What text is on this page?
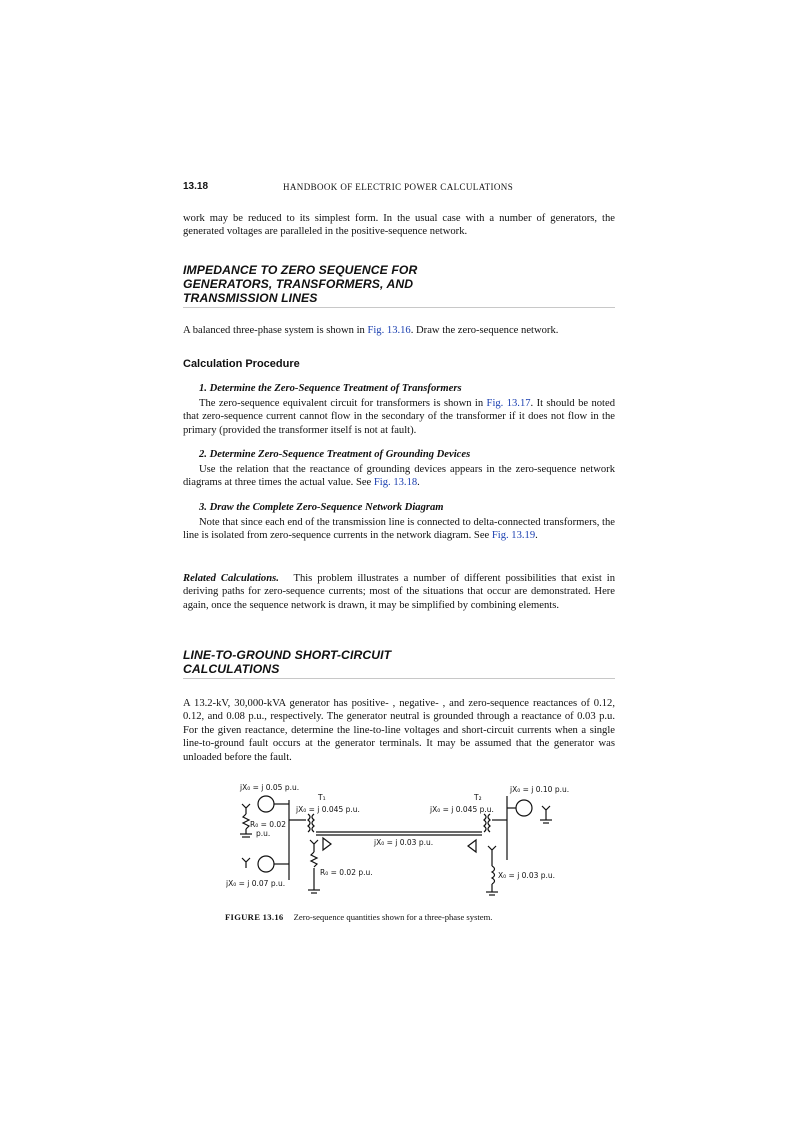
13.18	HANDBOOK OF ELECTRIC POWER CALCULATIONS

work may be reduced to its simplest form. In the usual case with a number of generators, the generated voltages are paralleled in the positive-sequence network.

IMPEDANCE TO ZERO SEQUENCE FOR
GENERATORS, TRANSFORMERS, AND
TRANSMISSION LINES

A balanced three-phase system is shown in Fig. 13.16. Draw the zero-sequence network.

Calculation Procedure

1. Determine the Zero-Sequence Treatment of Transformers

The zero-sequence equivalent circuit for transformers is shown in Fig. 13.17. It should be noted that zero-sequence current cannot flow in the secondary of the transformer if it does not flow in the primary (provided the transformer itself is not at fault).

2. Determine Zero-Sequence Treatment of Grounding Devices

Use the relation that the reactance of grounding devices appears in the zero-sequence network diagrams at three times the actual value. See Fig. 13.18.

3. Draw the Complete Zero-Sequence Network Diagram

Note that since each end of the transmission line is connected to delta-connected transformers, the line is isolated from zero-sequence currents in the network diagram. See Fig. 13.19.

Related Calculations. This problem illustrates a number of different possibilities that exist in deriving paths for zero-sequence currents; most of the situations that occur are demonstrated. Here again, once the sequence network is drawn, it may be simplified by combining elements.

LINE-TO-GROUND SHORT-CIRCUIT
CALCULATIONS

A 13.2-kV, 30,000-kVA generator has positive- , negative- , and zero-sequence reactances of 0.12, 0.12, and 0.08 p.u., respectively. The generator neutral is grounded through a reactance of 0.03 p.u. For the given reactance, determine the line-to-line voltages and short-circuit currents when a single line-to-ground fault occurs at the generator terminals. It may be assumed that the generator was unloaded before the fault.

jX₀ = j 0.05 p.u.
T₁
jX₀ = j 0.045 p.u.
R₀ = 0.02
p.u.
jX₀ = j 0.07 p.u.
R₀ = 0.02 p.u.
jX₀ = j 0.03 p.u.
T₂
jX₀ = j 0.045 p.u.
jX₀ = j 0.10 p.u.
X₀ = j 0.03 p.u.
FIGURE 13.16 Zero-sequence quantities shown for a three-phase system.
